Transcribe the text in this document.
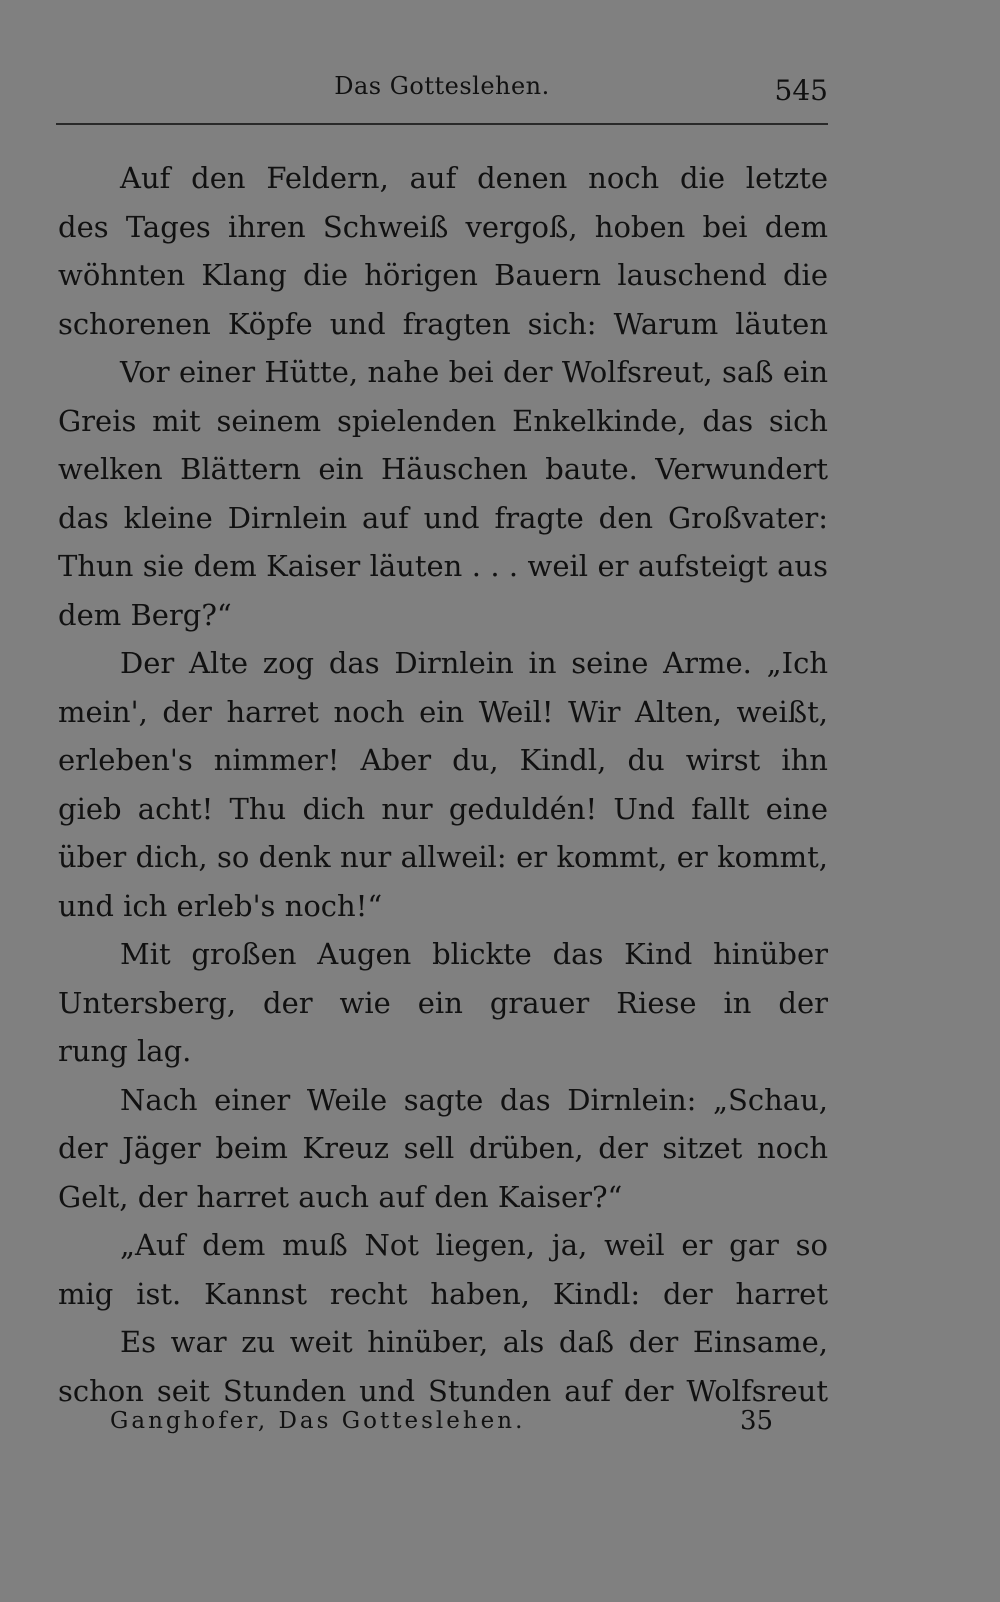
Das Gotteslehen.	545
Auf den Feldern, auf denen noch die letzte
des Tages ihren Schweiß vergoß, hoben bei dem
wöhnten Klang die hörigen Bauern lauschend die
schorenen Köpfe und fragten sich: Warum läuten
Vor einer Hütte, nahe bei der Wolfsreut, saß ein
Greis mit seinem spielenden Enkelkinde, das sich
welken Blättern ein Häuschen baute. Verwundert
das kleine Dirnlein auf und fragte den Großvater:
Thun sie dem Kaiser läuten . . . weil er aufsteigt aus
dem Berg?“
Der Alte zog das Dirnlein in seine Arme. „Ich
mein', der harret noch ein Weil! Wir Alten, weißt,
erleben's nimmer! Aber du, Kindl, du wirst ihn
gieb acht! Thu dich nur geduldén! Und fallt eine
über dich, so denk nur allweil: er kommt, er kommt,
und ich erleb's noch!“
Mit großen Augen blickte das Kind hinüber
Untersberg, der wie ein grauer Riese in der
rung lag.
Nach einer Weile sagte das Dirnlein: „Schau,
der Jäger beim Kreuz sell drüben, der sitzet noch
Gelt, der harret auch auf den Kaiser?“
„Auf dem muß Not liegen, ja, weil er gar so
mig ist. Kannst recht haben, Kindl: der harret
Es war zu weit hinüber, als daß der Einsame,
schon seit Stunden und Stunden auf der Wolfsreut
Ganghofer, Das Gotteslehen.	35
